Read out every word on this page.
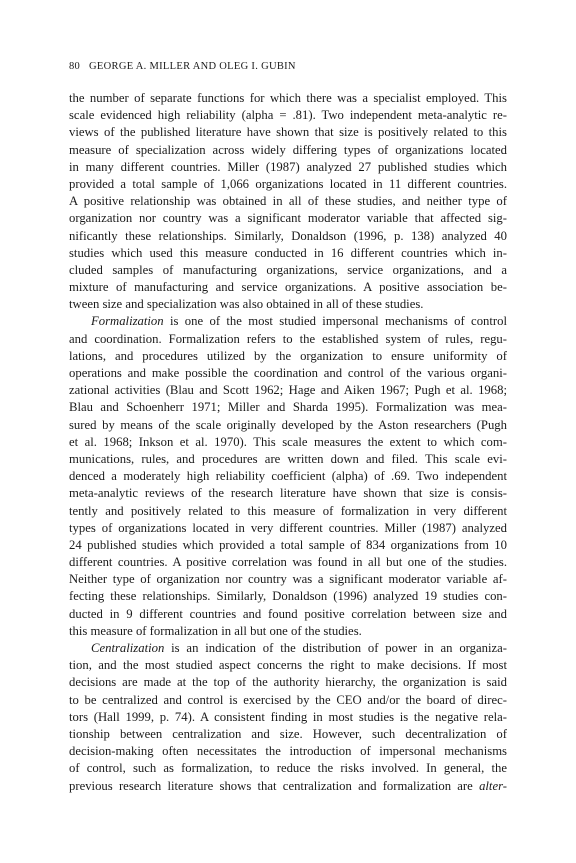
80 GEORGE A. MILLER AND OLEG I. GUBIN
the number of separate functions for which there was a specialist employed. This
scale evidenced high reliability (alpha = .81). Two independent meta-analytic re-
views of the published literature have shown that size is positively related to this
measure of specialization across widely differing types of organizations located
in many different countries. Miller (1987) analyzed 27 published studies which
provided a total sample of 1,066 organizations located in 11 different countries.
A positive relationship was obtained in all of these studies, and neither type of
organization nor country was a significant moderator variable that affected sig-
nificantly these relationships. Similarly, Donaldson (1996, p. 138) analyzed 40
studies which used this measure conducted in 16 different countries which in-
cluded samples of manufacturing organizations, service organizations, and a
mixture of manufacturing and service organizations. A positive association be-
tween size and specialization was also obtained in all of these studies.
Formalization is one of the most studied impersonal mechanisms of control
and coordination. Formalization refers to the established system of rules, regu-
lations, and procedures utilized by the organization to ensure uniformity of
operations and make possible the coordination and control of the various organi-
zational activities (Blau and Scott 1962; Hage and Aiken 1967; Pugh et al. 1968;
Blau and Schoenherr 1971; Miller and Sharda 1995). Formalization was mea-
sured by means of the scale originally developed by the Aston researchers (Pugh
et al. 1968; Inkson et al. 1970). This scale measures the extent to which com-
munications, rules, and procedures are written down and filed. This scale evi-
denced a moderately high reliability coefficient (alpha) of .69. Two independent
meta-analytic reviews of the research literature have shown that size is consis-
tently and positively related to this measure of formalization in very different
types of organizations located in very different countries. Miller (1987) analyzed
24 published studies which provided a total sample of 834 organizations from 10
different countries. A positive correlation was found in all but one of the studies.
Neither type of organization nor country was a significant moderator variable af-
fecting these relationships. Similarly, Donaldson (1996) analyzed 19 studies con-
ducted in 9 different countries and found positive correlation between size and
this measure of formalization in all but one of the studies.
Centralization is an indication of the distribution of power in an organiza-
tion, and the most studied aspect concerns the right to make decisions. If most
decisions are made at the top of the authority hierarchy, the organization is said
to be centralized and control is exercised by the CEO and/or the board of direc-
tors (Hall 1999, p. 74). A consistent finding in most studies is the negative rela-
tionship between centralization and size. However, such decentralization of
decision-making often necessitates the introduction of impersonal mechanisms
of control, such as formalization, to reduce the risks involved. In general, the
previous research literature shows that centralization and formalization are alter-
